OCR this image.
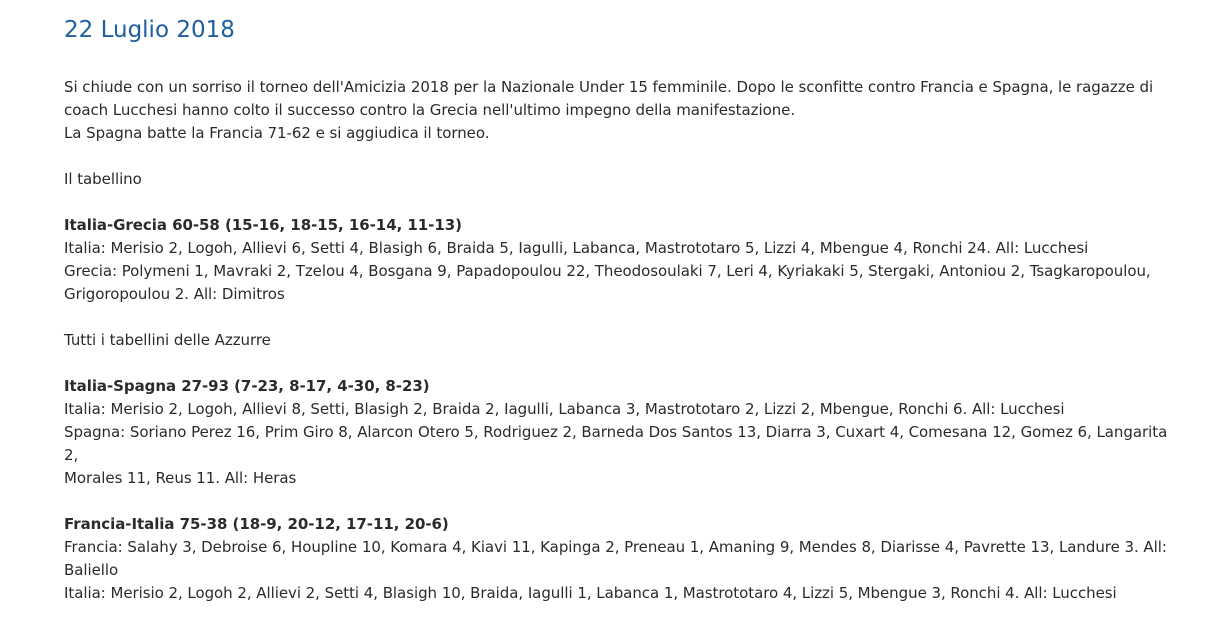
22 Luglio 2018

Si chiude con un sorriso il torneo dell'Amicizia 2018 per la Nazionale Under 15 femminile. Dopo le sconfitte contro Francia e Spagna, le ragazze di
coach Lucchesi hanno colto il successo contro la Grecia nell'ultimo impegno della manifestazione.
La Spagna batte la Francia 71-62 e si aggiudica il torneo.

Il tabellino

Italia-Grecia 60-58 (15-16, 18-15, 16-14, 11-13)
Italia: Merisio 2, Logoh, Allievi 6, Setti 4, Blasigh 6, Braida 5, Iagulli, Labanca, Mastrototaro 5, Lizzi 4, Mbengue 4, Ronchi 24. All: Lucchesi
Grecia: Polymeni 1, Mavraki 2, Tzelou 4, Bosgana 9, Papadopoulou 22, Theodosoulaki 7, Leri 4, Kyriakaki 5, Stergaki, Antoniou 2, Tsagkaropoulou,
Grigoropoulou 2. All: Dimitros

Tutti i tabellini delle Azzurre

Italia-Spagna 27-93 (7-23, 8-17, 4-30, 8-23)
Italia: Merisio 2, Logoh, Allievi 8, Setti, Blasigh 2, Braida 2, Iagulli, Labanca 3, Mastrototaro 2, Lizzi 2, Mbengue, Ronchi 6. All: Lucchesi
Spagna: Soriano Perez 16, Prim Giro 8, Alarcon Otero 5, Rodriguez 2, Barneda Dos Santos 13, Diarra 3, Cuxart 4, Comesana 12, Gomez 6, Langarita 2,
Morales 11, Reus 11. All: Heras

Francia-Italia 75-38 (18-9, 20-12, 17-11, 20-6)
Francia: Salahy 3, Debroise 6, Houpline 10, Komara 4, Kiavi 11, Kapinga 2, Preneau 1, Amaning 9, Mendes 8, Diarisse 4, Pavrette 13, Landure 3. All:
Baliello
Italia: Merisio 2, Logoh 2, Allievi 2, Setti 4, Blasigh 10, Braida, Iagulli 1, Labanca 1, Mastrototaro 4, Lizzi 5, Mbengue 3, Ronchi 4. All: Lucchesi
